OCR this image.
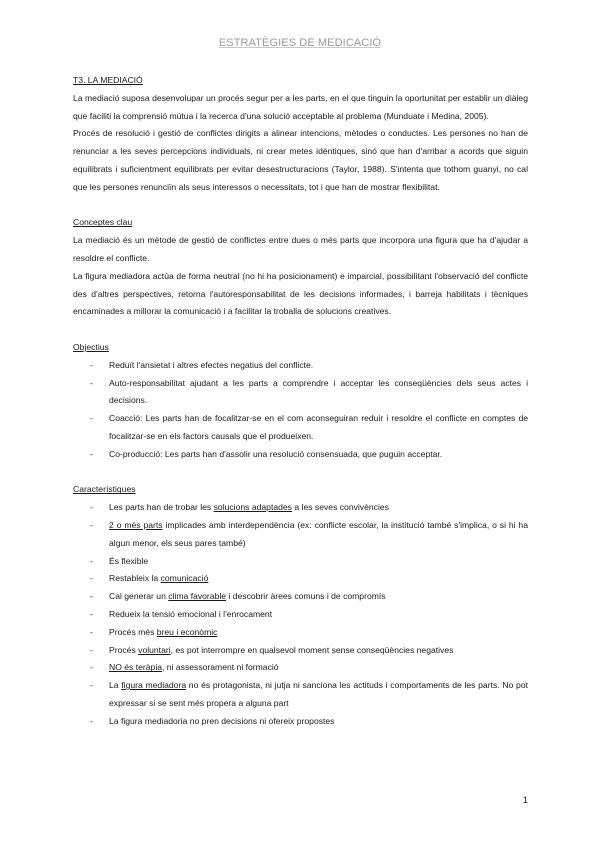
ESTRATÈGIES DE MEDICACIÓ

T3. LA MEDIACIÓ

La mediació suposa desenvolupar un procés segur per a les parts, en el que tinguin la oportunitat per establir un diàleg que faciliti la comprensió mútua i la recerca d'una solució acceptable al problema (Munduate i Medina, 2005).

Procés de resolució i gestió de conflictes dirigits a alinear intencions, mètodes o conductes. Les persones no han de renunciar a les seves percepcions individuals, ni crear metes idèntiques, sinó que han d'arribar a acords que siguin equilibrats i suficientment equilibrats per evitar desestructuracions (Taylor, 1988). S'intenta que tothom guanyi, no cal que les persones renunciïn als seus interessos o necessitats, tot i que han de mostrar flexibilitat.

Conceptes clau

La mediació és un mètode de gestió de conflictes entre dues o més parts que incorpora una figura que ha d'ajudar a resoldre el conflicte.

La figura mediadora actúa de forma neutral (no hi ha posicionament) e imparcial, possibilitant l'observació del conflicte des d'altres perspectives, retorna l'autoresponsabilitat de les decisions informades, i barreja habilitats i tècniques encaminades a millorar la comunicació i a facilitar la troballa de solucions creatives.

Objectius

- Reduït l'ansietat i altres efectes negatius del conflicte.
- Auto-responsabilitat ajudant a les parts a comprendre i acceptar les conseqüències dels seus actes i decisions.
- Coacció: Les parts han de focalitzar-se en el com aconseguiran reduir i resoldre el conflicte en comptes de focalitzar-se en els factors causals que el produeixen.
- Co-producció: Les parts han d'assolir una resolució consensuada, que puguin acceptar.

Característiques

- Les parts han de trobar les solucions adaptades a les seves convivències
- 2 o més parts implicades amb interdependència (ex: conflicte escolar, la institució també s'implica, o si hi ha algun menor, els seus pares també)
- És flexible
- Restableix la comunicació
- Cal generar un clima favorable i descobrir àrees comuns i de compromís
- Redueix la tensió emocional i l'enrocament
- Procés més breu i econòmic
- Procés voluntari, es pot interrompre en qualsevol moment sense conseqüències negatives
- NO és teràpia, ni assessorament ni formació
- La figura mediadora no és protagonista, ni jutja ni sanciona les actituds i comportaments de les parts. No pot expressar si se sent més propera a alguna part
- La figura mediadoria no pren decisions ni ofereix propostes
1
